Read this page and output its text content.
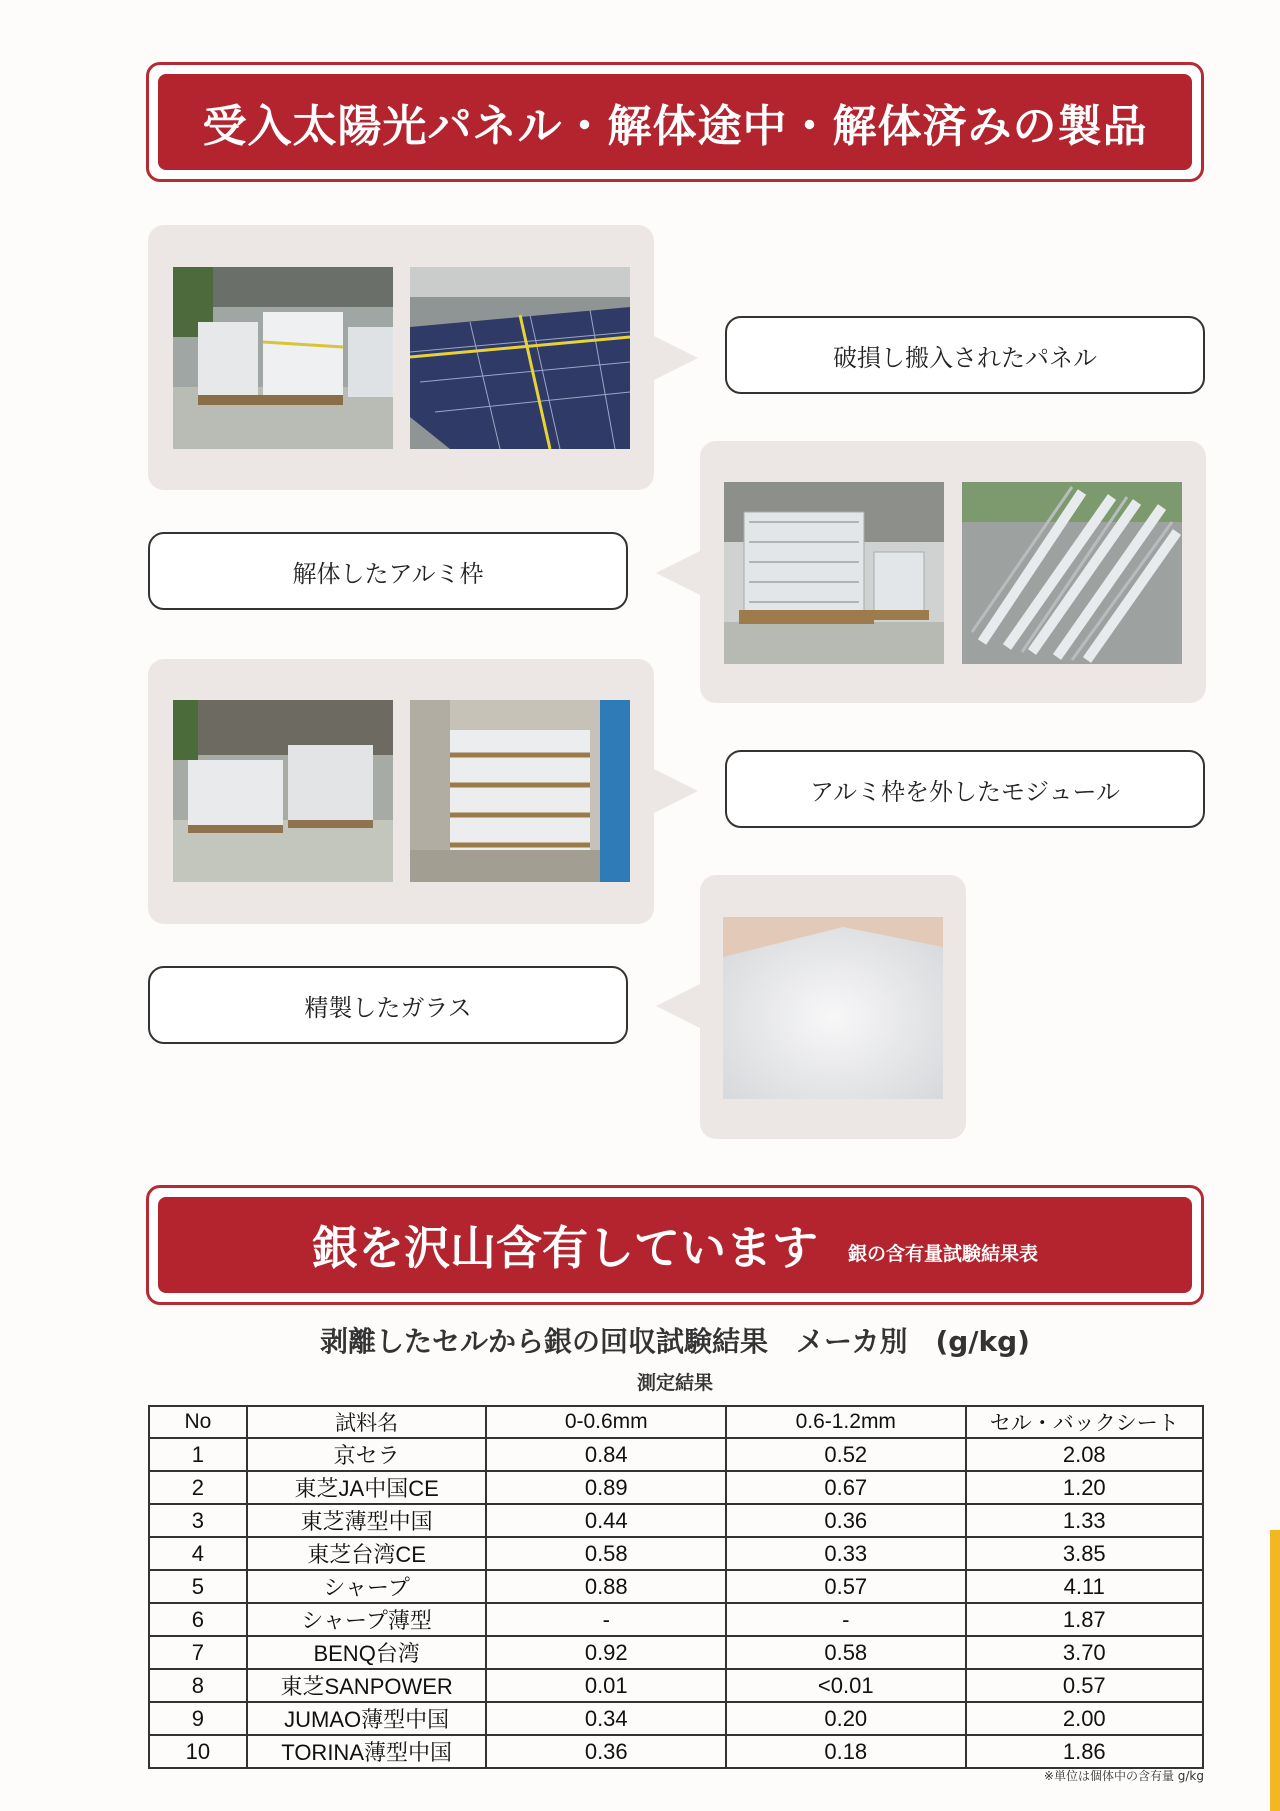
受入太陽光パネル・解体途中・解体済みの製品
破損し搬入されたパネル
解体したアルミ枠
アルミ枠を外したモジュール
精製したガラス
銀を沢山含有しています 銀の含有量試験結果表
剥離したセルから銀の回収試験結果　メーカ別　(g/kg)
測定結果
No	試料名	0-0.6mm	0.6-1.2mm	セル・バックシート
1	京セラ	0.84	0.52	2.08
2	東芝JA中国CE	0.89	0.67	1.20
3	東芝薄型中国	0.44	0.36	1.33
4	東芝台湾CE	0.58	0.33	3.85
5	シャープ	0.88	0.57	4.11
6	シャープ薄型	-	-	1.87
7	BENQ台湾	0.92	0.58	3.70
8	東芝SANPOWER	0.01	<0.01	0.57
9	JUMAO薄型中国	0.34	0.20	2.00
10	TORINA薄型中国	0.36	0.18	1.86
※単位は個体中の含有量 g/kg
